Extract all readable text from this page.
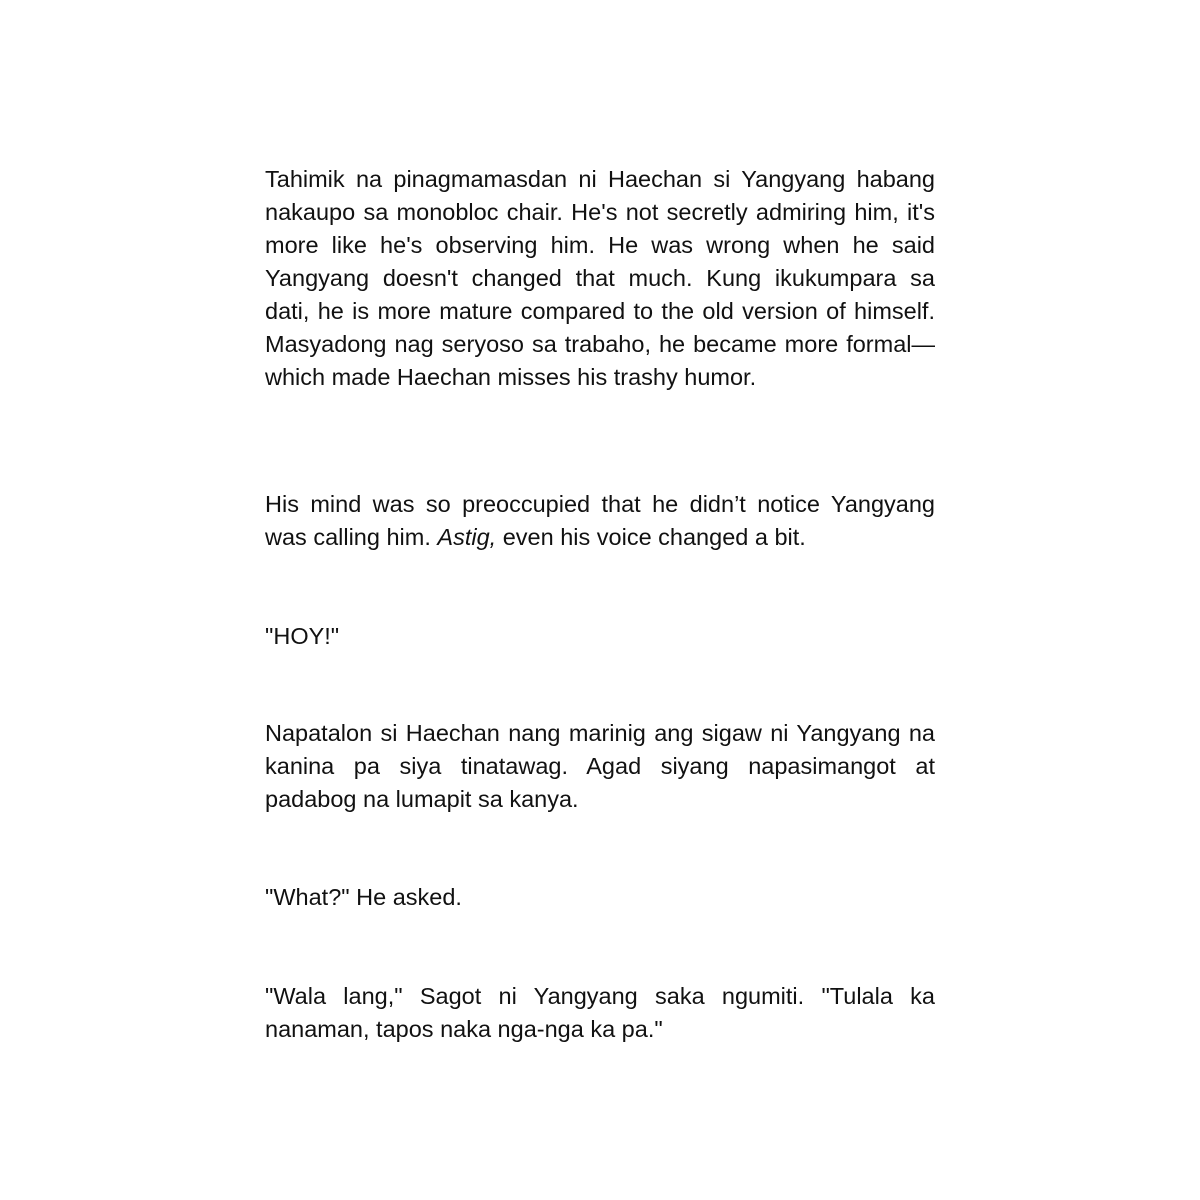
Tahimik na pinagmamasdan ni Haechan si Yangyang habang nakaupo sa monobloc chair. He's not secretly admiring him, it's more like he's observing him. He was wrong when he said Yangyang doesn't changed that much. Kung ikukumpara sa dati, he is more mature compared to the old version of himself. Masyadong nag seryoso sa trabaho, he became more formal—which made Haechan misses his trashy humor.

His mind was so preoccupied that he didn’t notice Yangyang was calling him. Astig, even his voice changed a bit.

"HOY!"

Napatalon si Haechan nang marinig ang sigaw ni Yangyang na kanina pa siya tinatawag. Agad siyang napasimangot at padabog na lumapit sa kanya.

"What?" He asked.

"Wala lang," Sagot ni Yangyang saka ngumiti. "Tulala ka nanaman, tapos naka nga-nga ka pa."
